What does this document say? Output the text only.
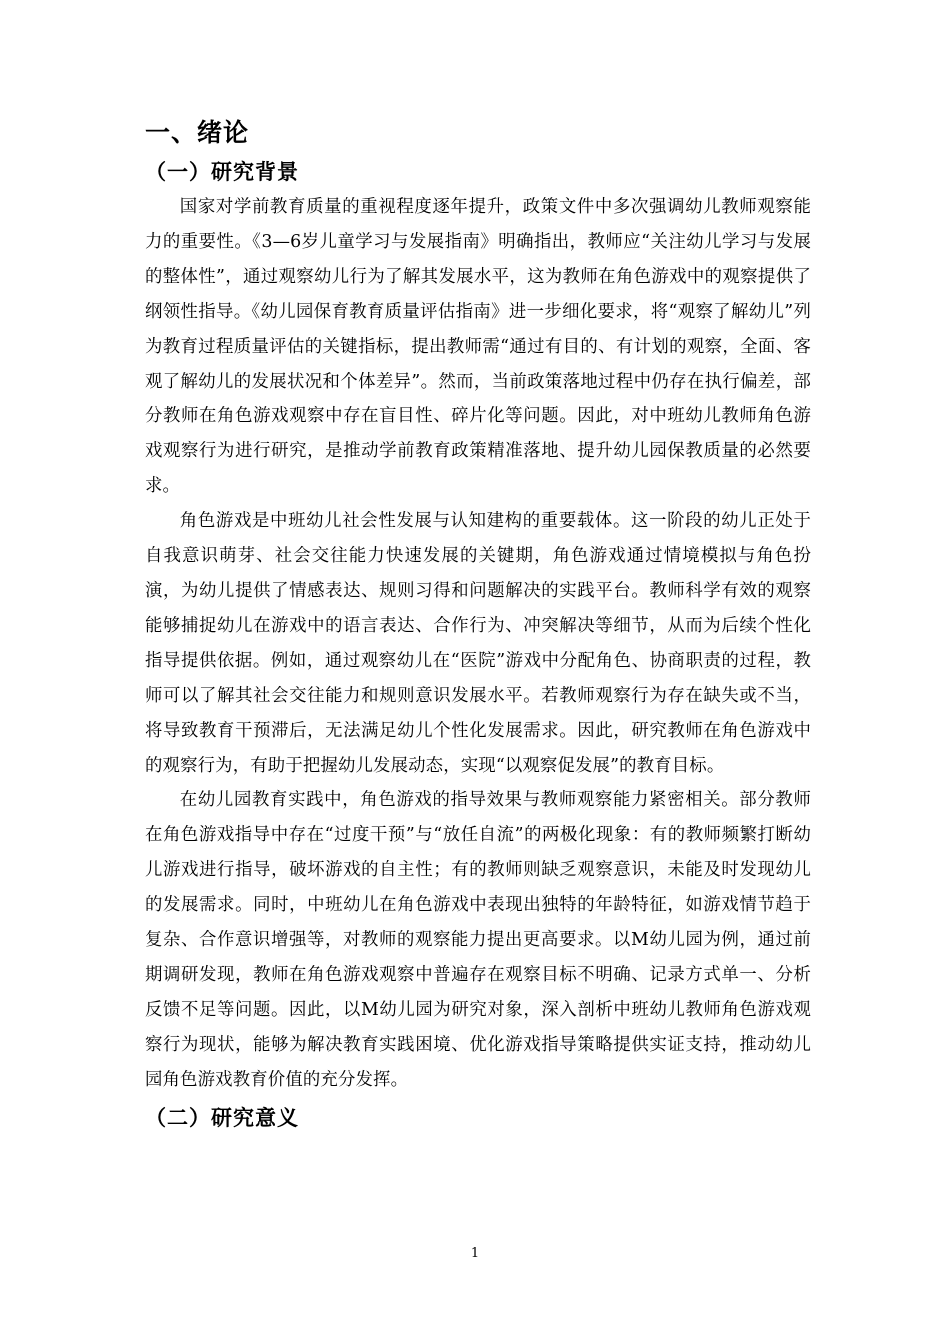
一、绪论
（一）研究背景

国家对学前教育质量的重视程度逐年提升，政策文件中多次强调幼儿教师观察能力的重要性。《3—6岁儿童学习与发展指南》明确指出，教师应“关注幼儿学习与发展的整体性”，通过观察幼儿行为了解其发展水平，这为教师在角色游戏中的观察提供了纲领性指导。《幼儿园保育教育质量评估指南》进一步细化要求，将“观察了解幼儿”列为教育过程质量评估的关键指标，提出教师需“通过有目的、有计划的观察，全面、客观了解幼儿的发展状况和个体差异”。然而，当前政策落地过程中仍存在执行偏差，部分教师在角色游戏观察中存在盲目性、碎片化等问题。因此，对中班幼儿教师角色游戏观察行为进行研究，是推动学前教育政策精准落地、提升幼儿园保教质量的必然要求。

角色游戏是中班幼儿社会性发展与认知建构的重要载体。这一阶段的幼儿正处于自我意识萌芽、社会交往能力快速发展的关键期，角色游戏通过情境模拟与角色扮演，为幼儿提供了情感表达、规则习得和问题解决的实践平台。教师科学有效的观察能够捕捉幼儿在游戏中的语言表达、合作行为、冲突解决等细节，从而为后续个性化指导提供依据。例如，通过观察幼儿在“医院”游戏中分配角色、协商职责的过程，教师可以了解其社会交往能力和规则意识发展水平。若教师观察行为存在缺失或不当，将导致教育干预滞后，无法满足幼儿个性化发展需求。因此，研究教师在角色游戏中的观察行为，有助于把握幼儿发展动态，实现“以观察促发展”的教育目标。

在幼儿园教育实践中，角色游戏的指导效果与教师观察能力紧密相关。部分教师在角色游戏指导中存在“过度干预”与“放任自流”的两极化现象：有的教师频繁打断幼儿游戏进行指导，破坏游戏的自主性；有的教师则缺乏观察意识，未能及时发现幼儿的发展需求。同时，中班幼儿在角色游戏中表现出独特的年龄特征，如游戏情节趋于复杂、合作意识增强等，对教师的观察能力提出更高要求。以M幼儿园为例，通过前期调研发现，教师在角色游戏观察中普遍存在观察目标不明确、记录方式单一、分析反馈不足等问题。因此，以M幼儿园为研究对象，深入剖析中班幼儿教师角色游戏观察行为现状，能够为解决教育实践困境、优化游戏指导策略提供实证支持，推动幼儿园角色游戏教育价值的充分发挥。

（二）研究意义
1
